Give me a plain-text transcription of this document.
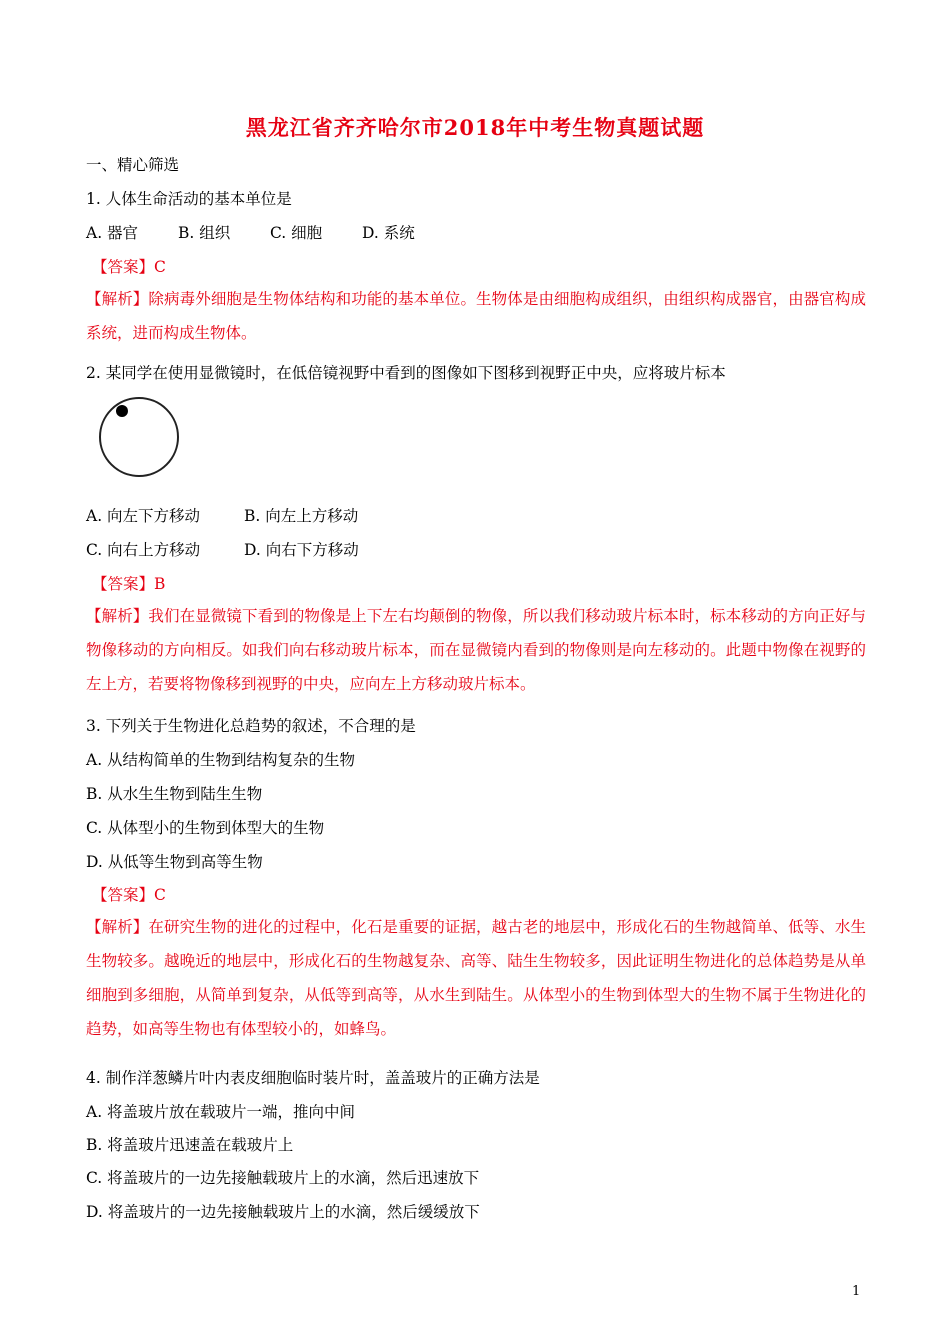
黑龙江省齐齐哈尔市2018年中考生物真题试题
一、精心筛选
1. 人体生命活动的基本单位是
A. 器官	B. 组织	C. 细胞	D. 系统
【答案】C
【解析】除病毒外细胞是生物体结构和功能的基本单位。生物体是由细胞构成组织，由组织构成器官，由器官构成系统，进而构成生物体。
2. 某同学在使用显微镜时，在低倍镜视野中看到的图像如下图移到视野正中央，应将玻片标本
A. 向左下方移动	B. 向左上方移动
C. 向右上方移动	D. 向右下方移动
【答案】B
【解析】我们在显微镜下看到的物像是上下左右均颠倒的物像，所以我们移动玻片标本时，标本移动的方向正好与物像移动的方向相反。如我们向右移动玻片标本，而在显微镜内看到的物像则是向左移动的。此题中物像在视野的左上方，若要将物像移到视野的中央，应向左上方移动玻片标本。
3. 下列关于生物进化总趋势的叙述，不合理的是
A. 从结构简单的生物到结构复杂的生物
B. 从水生生物到陆生生物
C. 从体型小的生物到体型大的生物
D. 从低等生物到高等生物
【答案】C
【解析】在研究生物的进化的过程中，化石是重要的证据，越古老的地层中，形成化石的生物越简单、低等、水生生物较多。越晚近的地层中，形成化石的生物越复杂、高等、陆生生物较多，因此证明生物进化的总体趋势是从单细胞到多细胞，从简单到复杂，从低等到高等，从水生到陆生。从体型小的生物到体型大的生物不属于生物进化的趋势，如高等生物也有体型较小的，如蜂鸟。
4. 制作洋葱鳞片叶内表皮细胞临时装片时，盖盖玻片的正确方法是
A. 将盖玻片放在载玻片一端，推向中间
B. 将盖玻片迅速盖在载玻片上
C. 将盖玻片的一边先接触载玻片上的水滴，然后迅速放下
D. 将盖玻片的一边先接触载玻片上的水滴，然后缓缓放下
1
